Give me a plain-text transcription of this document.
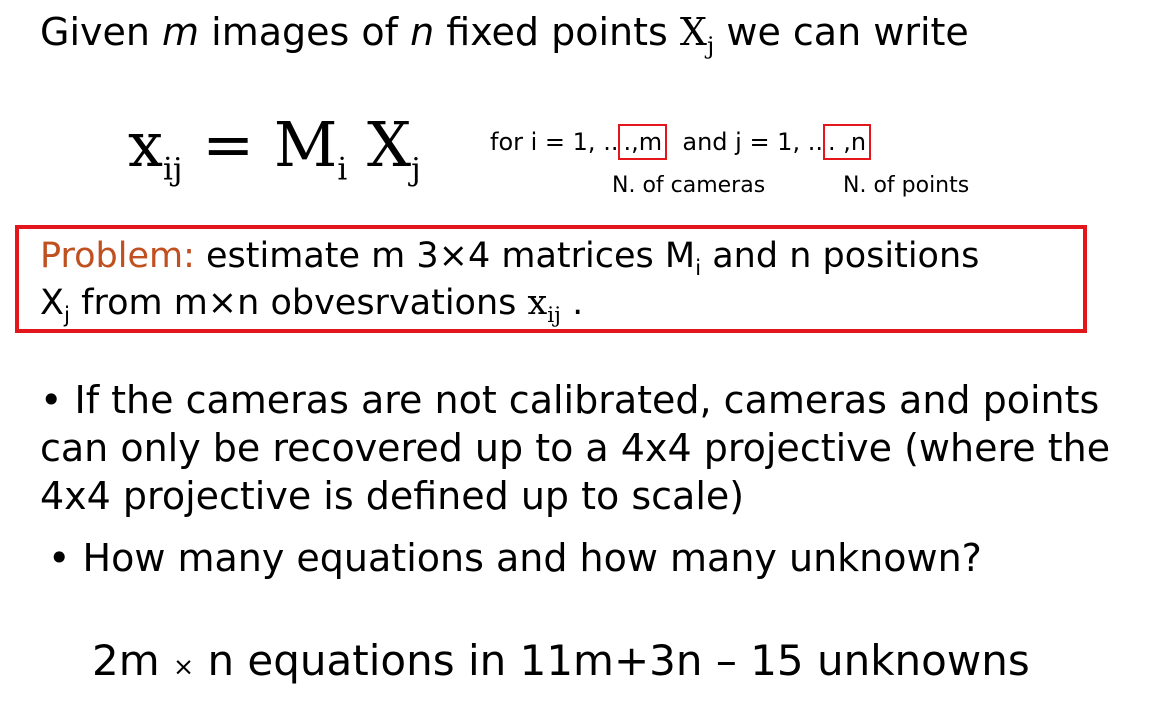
Given m images of n fixed points $X_j$ we can write
$x_{ij} = M_i$ $X_j$
for i = 1, .. .,m and j = 1, .. . ,n
N. of cameras	N. of points
Problem: estimate m 3×4 matrices $M_i$ and n positions
$X_j$ from m×n obvesrvations $x_{ij}$ .
• If the cameras are not calibrated, cameras and points
can only be recovered up to a 4x4 projective (where the
4x4 projective is defined up to scale)
• How many equations and how many unknown?
2m × n equations in 11m+3n – 15 unknowns
